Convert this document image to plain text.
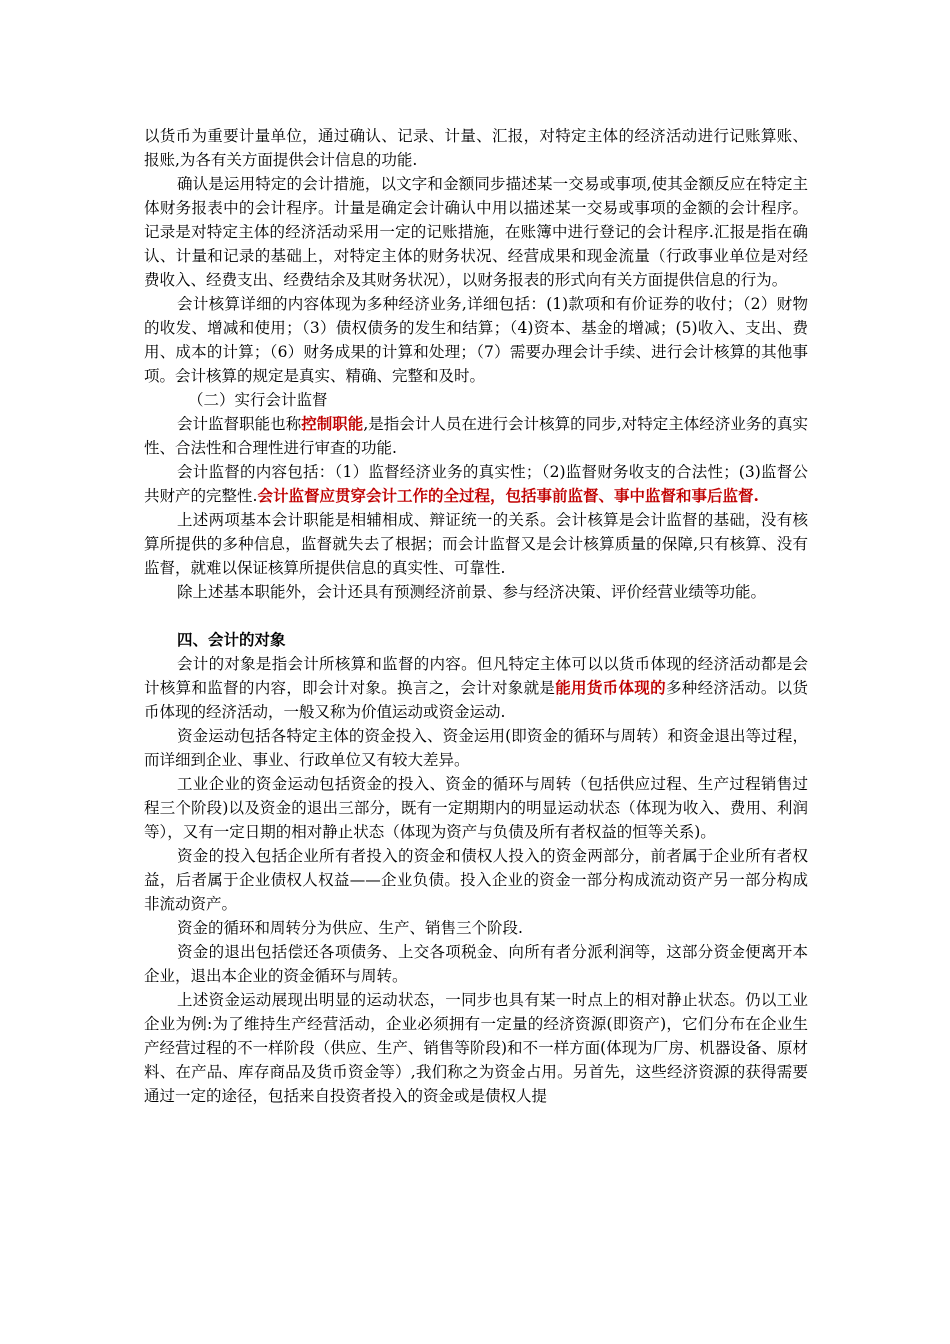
以货币为重要计量单位，通过确认、记录、计量、汇报，对特定主体的经济活动进行记账算账、报账,为各有关方面提供会计信息的功能.

确认是运用特定的会计措施，以文字和金额同步描述某一交易或事项,使其金额反应在特定主体财务报表中的会计程序。计量是确定会计确认中用以描述某一交易或事项的金额的会计程序。记录是对特定主体的经济活动采用一定的记账措施，在账簿中进行登记的会计程序.汇报是指在确认、计量和记录的基础上，对特定主体的财务状况、经营成果和现金流量（行政事业单位是对经费收入、经费支出、经费结余及其财务状况），以财务报表的形式向有关方面提供信息的行为。

会计核算详细的内容体现为多种经济业务,详细包括：(1)款项和有价证券的收付；（2）财物的收发、增减和使用；（3）债权债务的发生和结算；（4)资本、基金的增减；(5)收入、支出、费用、成本的计算；（6）财务成果的计算和处理；（7）需要办理会计手续、进行会计核算的其他事项。会计核算的规定是真实、精确、完整和及时。

（二）实行会计监督

会计监督职能也称控制职能,是指会计人员在进行会计核算的同步,对特定主体经济业务的真实性、合法性和合理性进行审查的功能.

会计监督的内容包括：（1）监督经济业务的真实性；（2)监督财务收支的合法性；(3)监督公共财产的完整性.会计监督应贯穿会计工作的全过程，包括事前监督、事中监督和事后监督.

上述两项基本会计职能是相辅相成、辩证统一的关系。会计核算是会计监督的基础，没有核算所提供的多种信息，监督就失去了根据；而会计监督又是会计核算质量的保障,只有核算、没有监督，就难以保证核算所提供信息的真实性、可靠性.

除上述基本职能外，会计还具有预测经济前景、参与经济决策、评价经营业绩等功能。

四、会计的对象

会计的对象是指会计所核算和监督的内容。但凡特定主体可以以货币体现的经济活动都是会计核算和监督的内容，即会计对象。换言之，会计对象就是能用货币体现的多种经济活动。以货币体现的经济活动，一般又称为价值运动或资金运动.

资金运动包括各特定主体的资金投入、资金运用(即资金的循环与周转）和资金退出等过程，而详细到企业、事业、行政单位又有较大差异。

工业企业的资金运动包括资金的投入、资金的循环与周转（包括供应过程、生产过程销售过程三个阶段)以及资金的退出三部分，既有一定期期内的明显运动状态（体现为收入、费用、利润等），又有一定日期的相对静止状态（体现为资产与负债及所有者权益的恒等关系)。

资金的投入包括企业所有者投入的资金和债权人投入的资金两部分，前者属于企业所有者权益，后者属于企业债权人权益——企业负债。投入企业的资金一部分构成流动资产另一部分构成非流动资产。

资金的循环和周转分为供应、生产、销售三个阶段.

资金的退出包括偿还各项债务、上交各项税金、向所有者分派利润等，这部分资金便离开本企业，退出本企业的资金循环与周转。

上述资金运动展现出明显的运动状态，一同步也具有某一时点上的相对静止状态。仍以工业企业为例:为了维持生产经营活动，企业必须拥有一定量的经济资源(即资产)，它们分布在企业生产经营过程的不一样阶段（供应、生产、销售等阶段)和不一样方面(体现为厂房、机器设备、原材料、在产品、库存商品及货币资金等）,我们称之为资金占用。另首先，这些经济资源的获得需要通过一定的途径，包括来自投资者投入的资金或是债权人提
